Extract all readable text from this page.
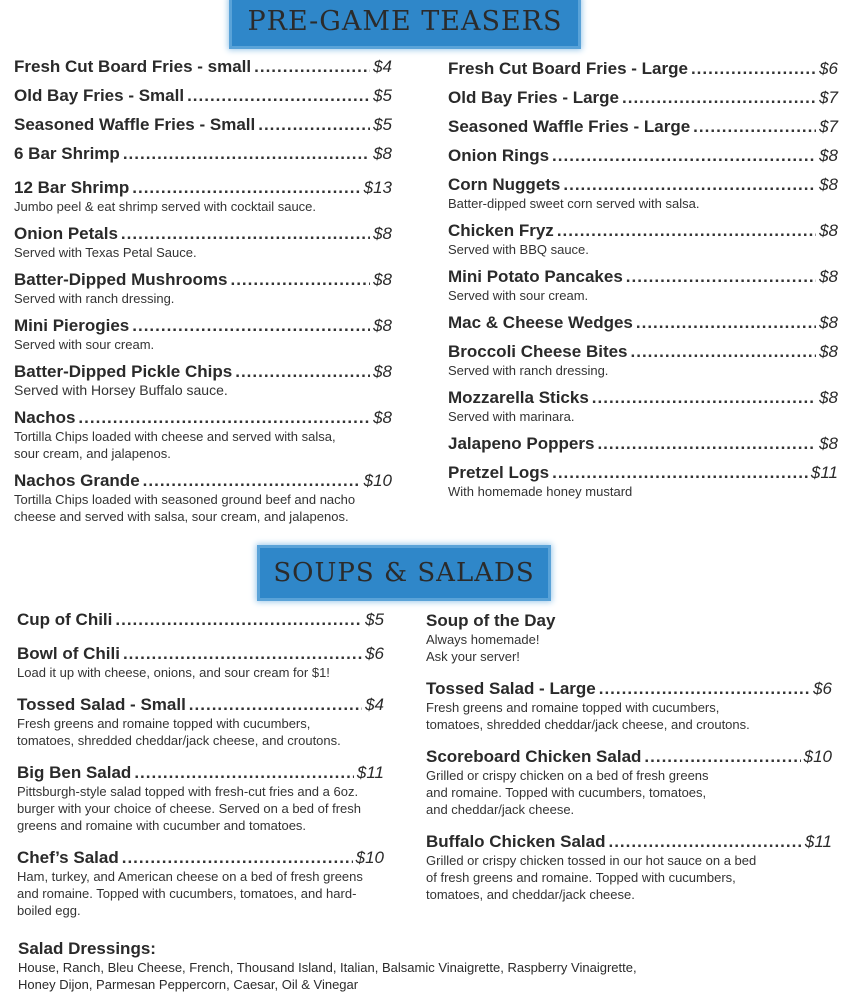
PRE-GAME TEASERS
Fresh Cut Board Fries - small .....	$4
Old Bay Fries - Small .....	$5
Seasoned Waffle Fries - Small .....	$5
6 Bar Shrimp .....	$8
12 Bar Shrimp .....	$13
Jumbo peel & eat shrimp served with cocktail sauce.
Onion Petals .....	$8
Served with Texas Petal Sauce.
Batter-Dipped Mushrooms .....	$8
Served with ranch dressing.
Mini Pierogies .....	$8
Served with sour cream.
Batter-Dipped Pickle Chips .....	$8
Served with Horsey Buffalo sauce.
Nachos .....	$8
Tortilla Chips loaded with cheese and served with salsa,
sour cream, and jalapenos.
Nachos Grande .....	$10
Tortilla Chips loaded with seasoned ground beef and nacho
cheese and served with salsa, sour cream, and jalapenos.
Fresh Cut Board Fries - Large .....	$6
Old Bay Fries - Large .....	$7
Seasoned Waffle Fries - Large .....	$7
Onion Rings .....	$8
Corn Nuggets .....	$8
Batter-dipped sweet corn served with salsa.
Chicken Fryz .....	$8
Served with BBQ sauce.
Mini Potato Pancakes .....	$8
Served with sour cream.
Mac & Cheese Wedges .....	$8
Broccoli Cheese Bites .....	$8
Served with ranch dressing.
Mozzarella Sticks .....	$8
Served with marinara.
Jalapeno Poppers .....	$8
Pretzel Logs .....	$11
With homemade honey mustard
SOUPS & SALADS
Cup of Chili .....	$5
Bowl of Chili .....	$6
Load it up with cheese, onions, and sour cream for $1!
Tossed Salad - Small .....	$4
Fresh greens and romaine topped with cucumbers,
tomatoes, shredded cheddar/jack cheese, and croutons.
Big Ben Salad .....	$11
Pittsburgh-style salad topped with fresh-cut fries and a 6oz.
burger with your choice of cheese. Served on a bed of fresh
greens and romaine with cucumber and tomatoes.
Chef’s Salad .....	$10
Ham, turkey, and American cheese on a bed of fresh greens
and romaine. Topped with cucumbers, tomatoes, and hard-
boiled egg.
Soup of the Day
Always homemade!
Ask your server!
Tossed Salad - Large .....	$6
Fresh greens and romaine topped with cucumbers,
tomatoes, shredded cheddar/jack cheese, and croutons.
Scoreboard Chicken Salad .....	$10
Grilled or crispy chicken on a bed of fresh greens
and romaine. Topped with cucumbers, tomatoes,
and cheddar/jack cheese.
Buffalo Chicken Salad .....	$11
Grilled or crispy chicken tossed in our hot sauce on a bed
of fresh greens and romaine. Topped with cucumbers,
tomatoes, and cheddar/jack cheese.
Salad Dressings:
House, Ranch, Bleu Cheese, French, Thousand Island, Italian, Balsamic Vinaigrette, Raspberry Vinaigrette,
Honey Dijon, Parmesan Peppercorn, Caesar, Oil & Vinegar
